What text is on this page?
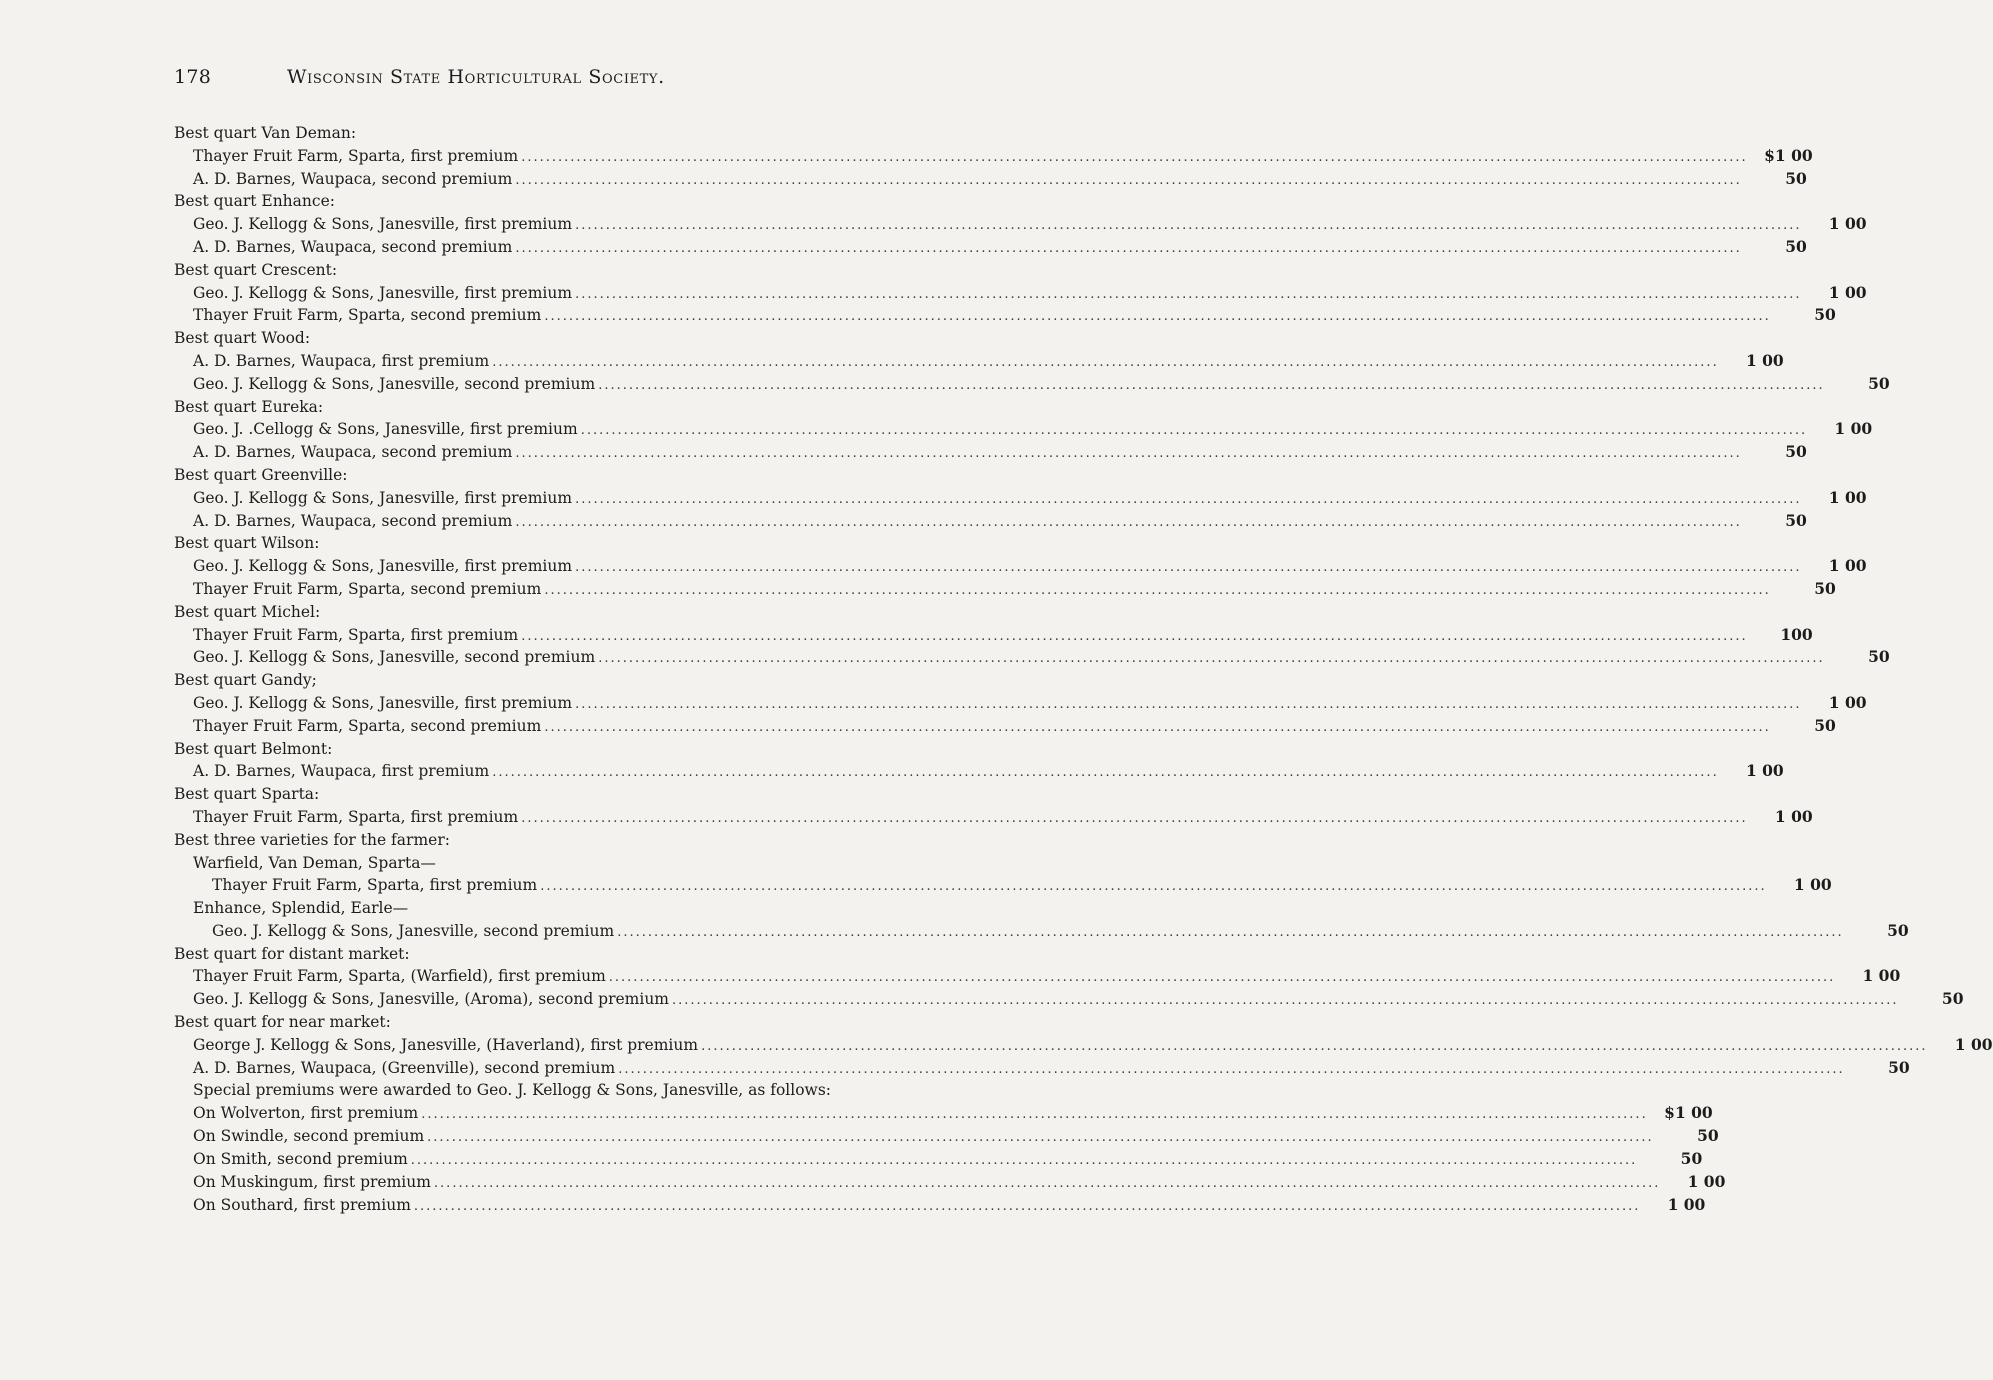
178	Wisconsin State Horticultural Society.
Best quart Van Deman:
Thayer Fruit Farm, Sparta, first premium ........................................................................................................................................................................................................	$1 00
A. D. Barnes, Waupaca, second premium ........................................................................................................................................................................................................	50
Best quart Enhance:
Geo. J. Kellogg & Sons, Janesville, first premium ........................................................................................................................................................................................................	1 00
A. D. Barnes, Waupaca, second premium ........................................................................................................................................................................................................	50
Best quart Crescent:
Geo. J. Kellogg & Sons, Janesville, first premium ........................................................................................................................................................................................................	1 00
Thayer Fruit Farm, Sparta, second premium ........................................................................................................................................................................................................	50
Best quart Wood:
A. D. Barnes, Waupaca, first premium ........................................................................................................................................................................................................	1 00
Geo. J. Kellogg & Sons, Janesville, second premium ........................................................................................................................................................................................................	50
Best quart Eureka:
Geo. J. .Cellogg & Sons, Janesville, first premium ........................................................................................................................................................................................................	1 00
A. D. Barnes, Waupaca, second premium ........................................................................................................................................................................................................	50
Best quart Greenville:
Geo. J. Kellogg & Sons, Janesville, first premium ........................................................................................................................................................................................................	1 00
A. D. Barnes, Waupaca, second premium ........................................................................................................................................................................................................	50
Best quart Wilson:
Geo. J. Kellogg & Sons, Janesville, first premium ........................................................................................................................................................................................................	1 00
Thayer Fruit Farm, Sparta, second premium ........................................................................................................................................................................................................	50
Best quart Michel:
Thayer Fruit Farm, Sparta, first premium ........................................................................................................................................................................................................	100
Geo. J. Kellogg & Sons, Janesville, second premium ........................................................................................................................................................................................................	50
Best quart Gandy;
Geo. J. Kellogg & Sons, Janesville, first premium ........................................................................................................................................................................................................	1 00
Thayer Fruit Farm, Sparta, second premium ........................................................................................................................................................................................................	50
Best quart Belmont:
A. D. Barnes, Waupaca, first premium ........................................................................................................................................................................................................	1 00
Best quart Sparta:
Thayer Fruit Farm, Sparta, first premium ........................................................................................................................................................................................................	1 00
Best three varieties for the farmer:
Warfield, Van Deman, Sparta—
Thayer Fruit Farm, Sparta, first premium ........................................................................................................................................................................................................	1 00
Enhance, Splendid, Earle—
Geo. J. Kellogg & Sons, Janesville, second premium ........................................................................................................................................................................................................	50
Best quart for distant market:
Thayer Fruit Farm, Sparta, (Warfield), first premium ........................................................................................................................................................................................................	1 00
Geo. J. Kellogg & Sons, Janesville, (Aroma), second premium ........................................................................................................................................................................................................	50
Best quart for near market:
George J. Kellogg & Sons, Janesville, (Haverland), first premium ........................................................................................................................................................................................................	1 00
A. D. Barnes, Waupaca, (Greenville), second premium ........................................................................................................................................................................................................	50
Special premiums were awarded to Geo. J. Kellogg & Sons, Janesville, as follows:
On Wolverton, first premium ........................................................................................................................................................................................................	$1 00
On Swindle, second premium ........................................................................................................................................................................................................	50
On Smith, second premium ........................................................................................................................................................................................................	50
On Muskingum, first premium ........................................................................................................................................................................................................	1 00
On Southard, first premium ........................................................................................................................................................................................................	1 00
